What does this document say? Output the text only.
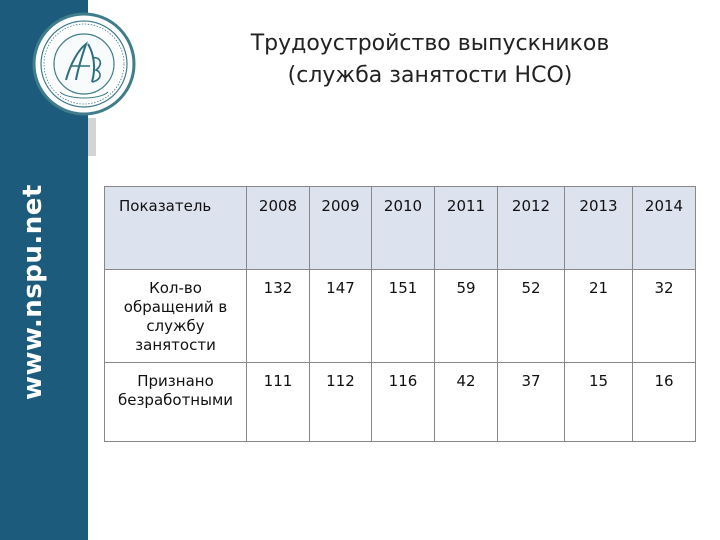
www.nspu.net
Трудоустройство выпускников
(служба занятости НСО)
Показатель	2008	2009	2010	2011	2012	2013	2014

Кол-во обращений в службу занятости	132	147	151	59	52	21	32

Признано безработными	111	112	116	42	37	15	16
